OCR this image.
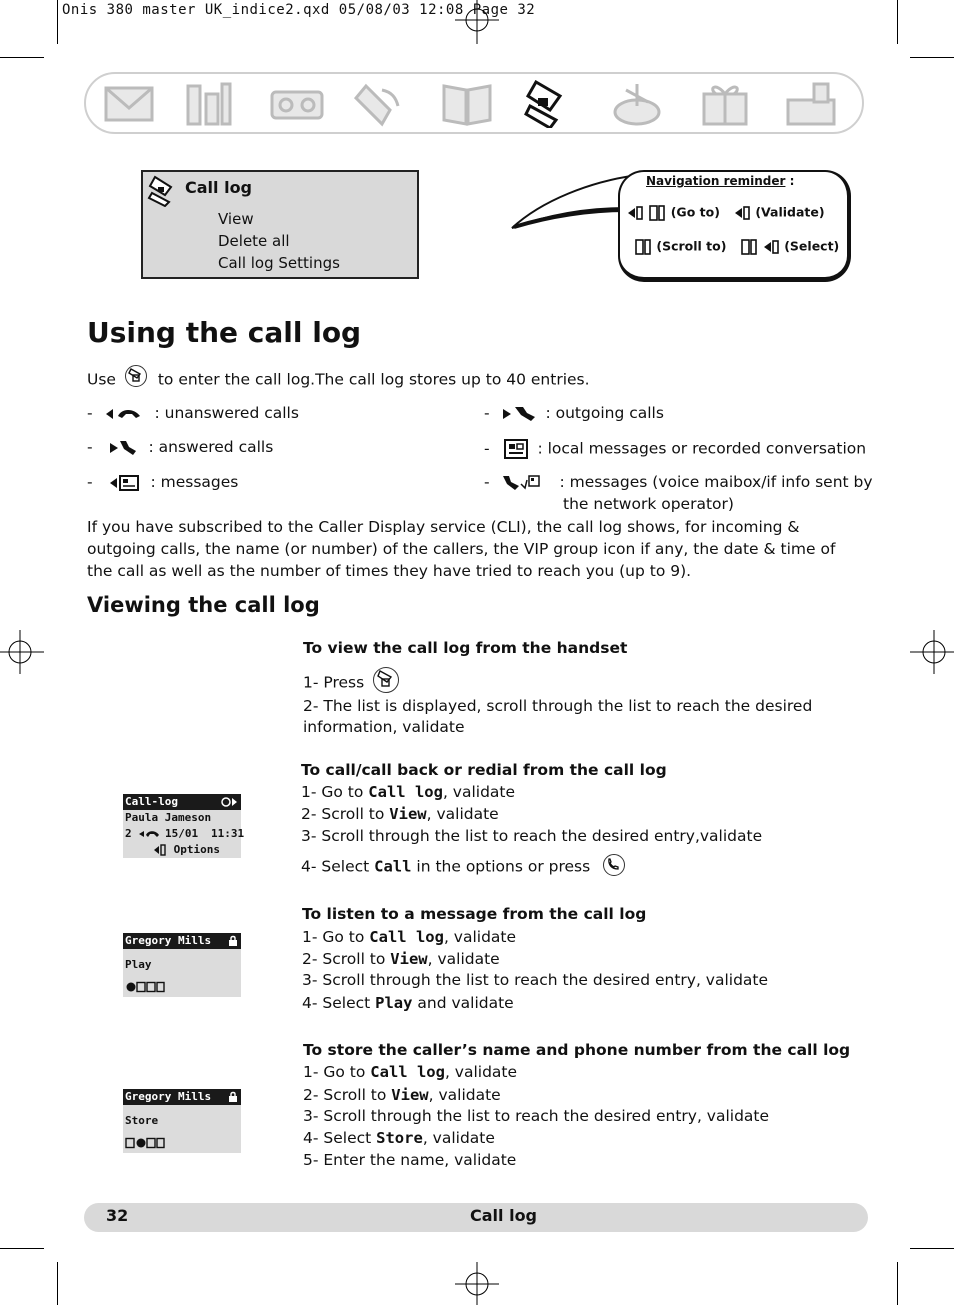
Onis 380 master UK_indice2.qxd 05/08/03 12:08 Page 32
Call log
View
Delete all
Call log Settings
Navigation reminder :
(Go to)	(Validate)
(Scroll to)	(Select)
Using the call log
Use	to enter the call log.The call log stores up to 40 entries.
-	: unanswered calls	-	: outgoing calls
-	: answered calls	-	: local messages or recorded conversation
-	: messages	-	: messages (voice maibox/if info sent by
the network operator)
If you have subscribed to the Caller Display service (CLI), the call log shows, for incoming & outgoing calls, the name (or number) of the callers, the VIP group icon if any, the date & time of the call as well as the number of times they have tried to reach you (up to 9).
Viewing the call log
To view the call log from the handset
1- Press
2- The list is displayed, scroll through the list to reach the desired
information, validate
To call/call back or redial from the call log
1- Go to Call log, validate
2- Scroll to View, validate
3- Scroll through the list to reach the desired entry,validate
4- Select Call in the options or press
To listen to a message from the call log
1- Go to Call log, validate
2- Scroll to View, validate
3- Scroll through the list to reach the desired entry, validate
4- Select Play and validate
To store the caller’s name and phone number from the call log
1- Go to Call log, validate
2- Scroll to View, validate
3- Scroll through the list to reach the desired entry, validate
4- Select Store, validate
5- Enter the name, validate
Call-log
Paula Jameson
2	15/01 11:31
Options
Gregory Mills
Play
Gregory Mills
Store
32	Call log
